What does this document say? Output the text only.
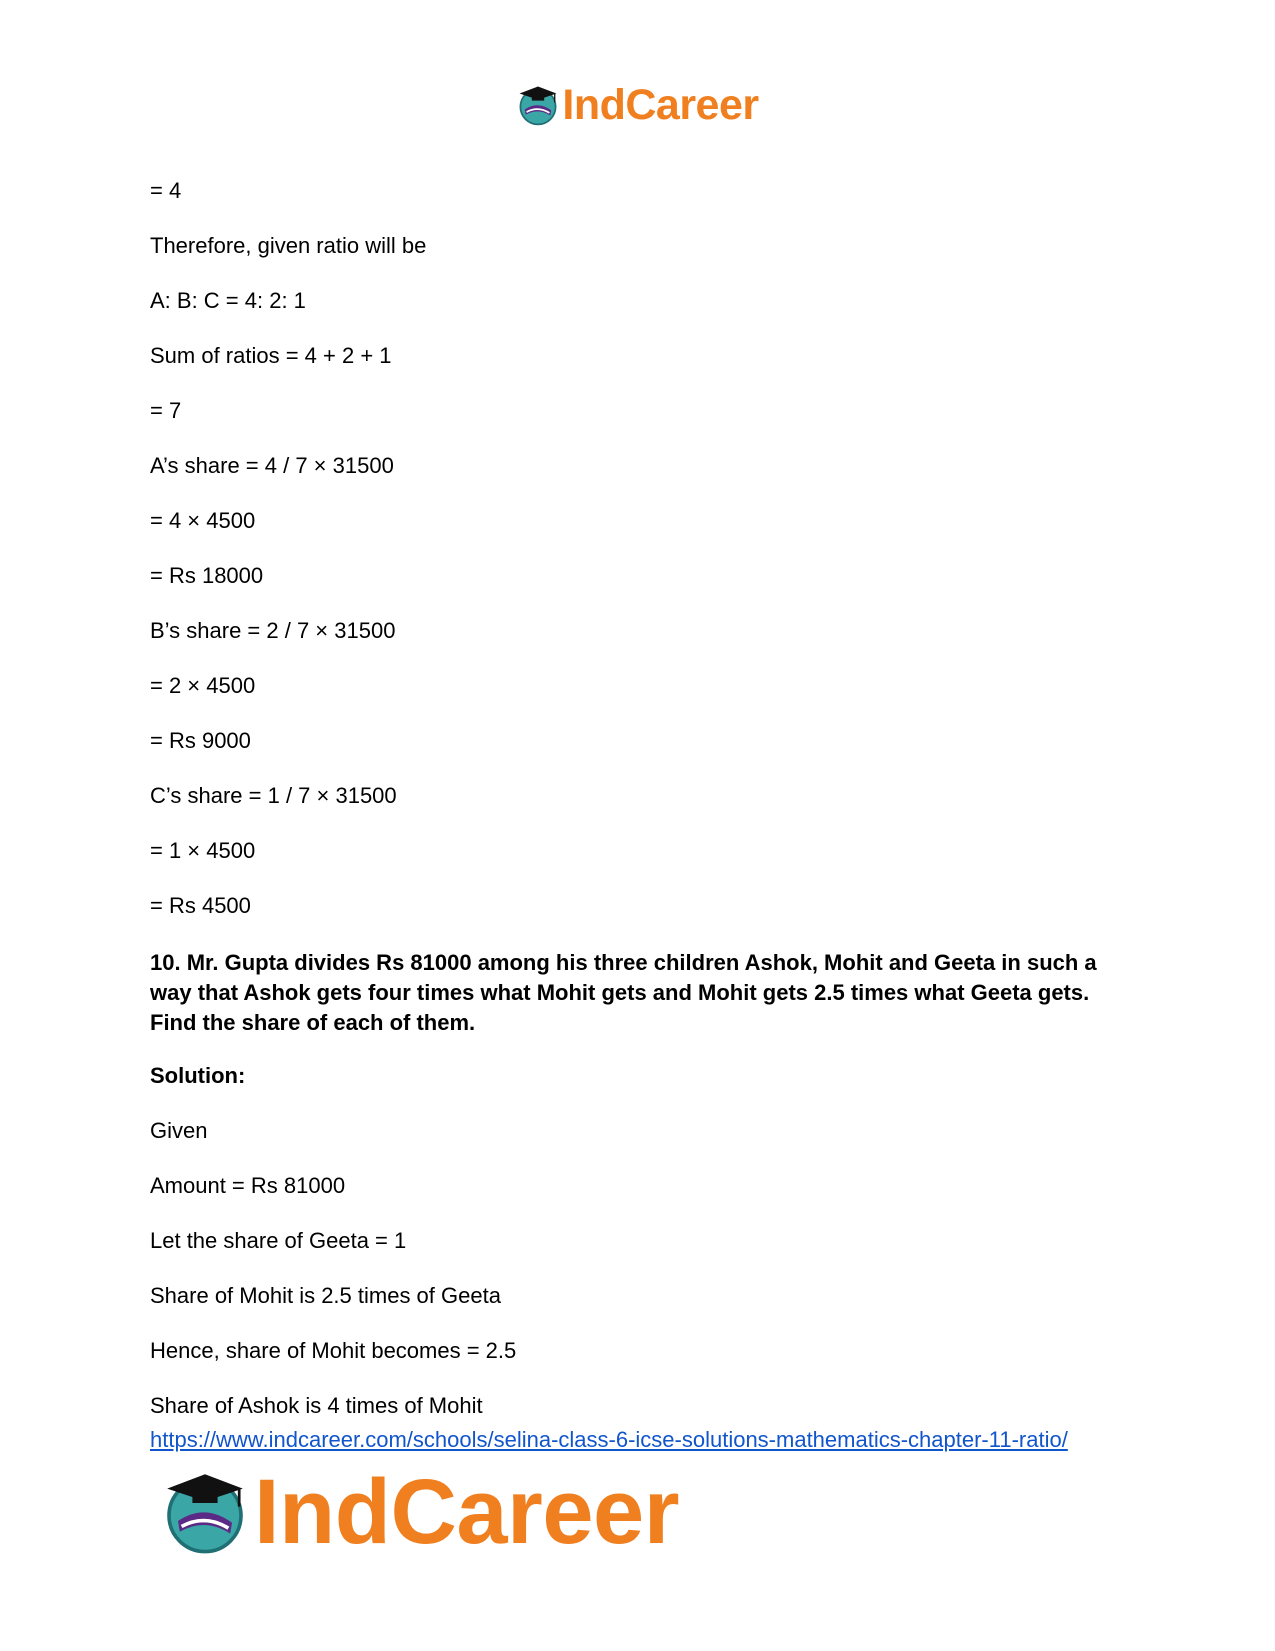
IndCareer
= 4
Therefore, given ratio will be
A: B: C = 4: 2: 1
Sum of ratios = 4 + 2 + 1
= 7
A’s share = 4 / 7 × 31500
= 4 × 4500
= Rs 18000
B’s share = 2 / 7 × 31500
= 2 × 4500
= Rs 9000
C’s share = 1 / 7 × 31500
= 1 × 4500
= Rs 4500
10. Mr. Gupta divides Rs 81000 among his three children Ashok, Mohit and Geeta in such a way that Ashok gets four times what Mohit gets and Mohit gets 2.5 times what Geeta gets. Find the share of each of them.
Solution:
Given
Amount = Rs 81000
Let the share of Geeta = 1
Share of Mohit is 2.5 times of Geeta
Hence, share of Mohit becomes = 2.5
Share of Ashok is 4 times of Mohit
https://www.indcareer.com/schools/selina-class-6-icse-solutions-mathematics-chapter-11-ratio/
IndCareer
